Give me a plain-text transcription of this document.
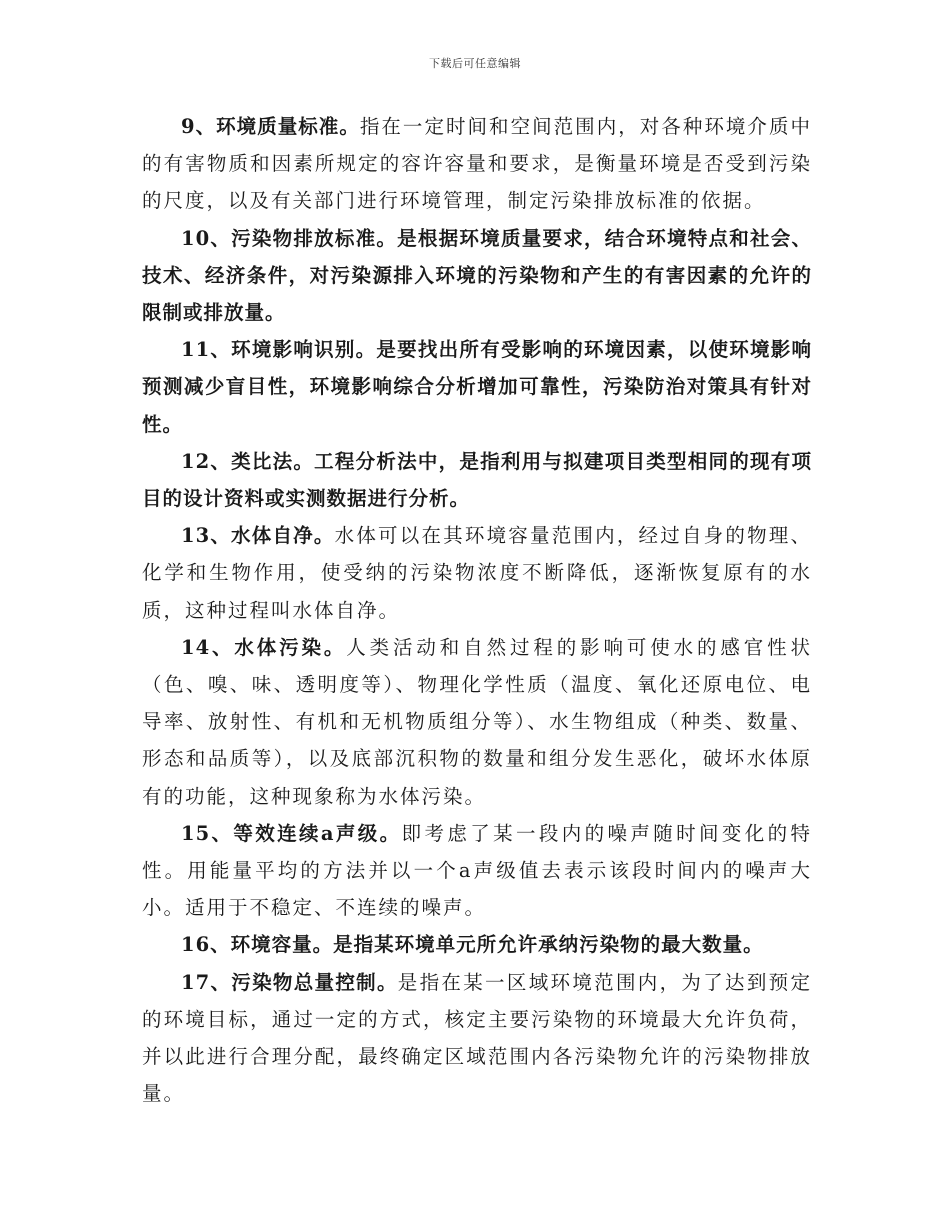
下载后可任意编辑

9、环境质量标准。指在一定时间和空间范围内，对各种环境介质中的有害物质和因素所规定的容许容量和要求，是衡量环境是否受到污染的尺度，以及有关部门进行环境管理，制定污染排放标准的依据。

10、污染物排放标准。是根据环境质量要求，结合环境特点和社会、技术、经济条件，对污染源排入环境的污染物和产生的有害因素的允许的限制或排放量。

11、环境影响识别。是要找出所有受影响的环境因素，以使环境影响预测减少盲目性，环境影响综合分析增加可靠性，污染防治对策具有针对性。

12、类比法。工程分析法中，是指利用与拟建项目类型相同的现有项目的设计资料或实测数据进行分析。

13、水体自净。水体可以在其环境容量范围内，经过自身的物理、化学和生物作用，使受纳的污染物浓度不断降低，逐渐恢复原有的水质，这种过程叫水体自净。

14、水体污染。人类活动和自然过程的影响可使水的感官性状（色、嗅、味、透明度等）、物理化学性质（温度、氧化还原电位、电导率、放射性、有机和无机物质组分等）、水生物组成（种类、数量、形态和品质等），以及底部沉积物的数量和组分发生恶化，破坏水体原有的功能，这种现象称为水体污染。

15、等效连续a声级。即考虑了某一段内的噪声随时间变化的特性。用能量平均的方法并以一个a声级值去表示该段时间内的噪声大小。适用于不稳定、不连续的噪声。

16、环境容量。是指某环境单元所允许承纳污染物的最大数量。

17、污染物总量控制。是指在某一区域环境范围内，为了达到预定的环境目标，通过一定的方式，核定主要污染物的环境最大允许负荷，并以此进行合理分配，最终确定区域范围内各污染物允许的污染物排放量。
